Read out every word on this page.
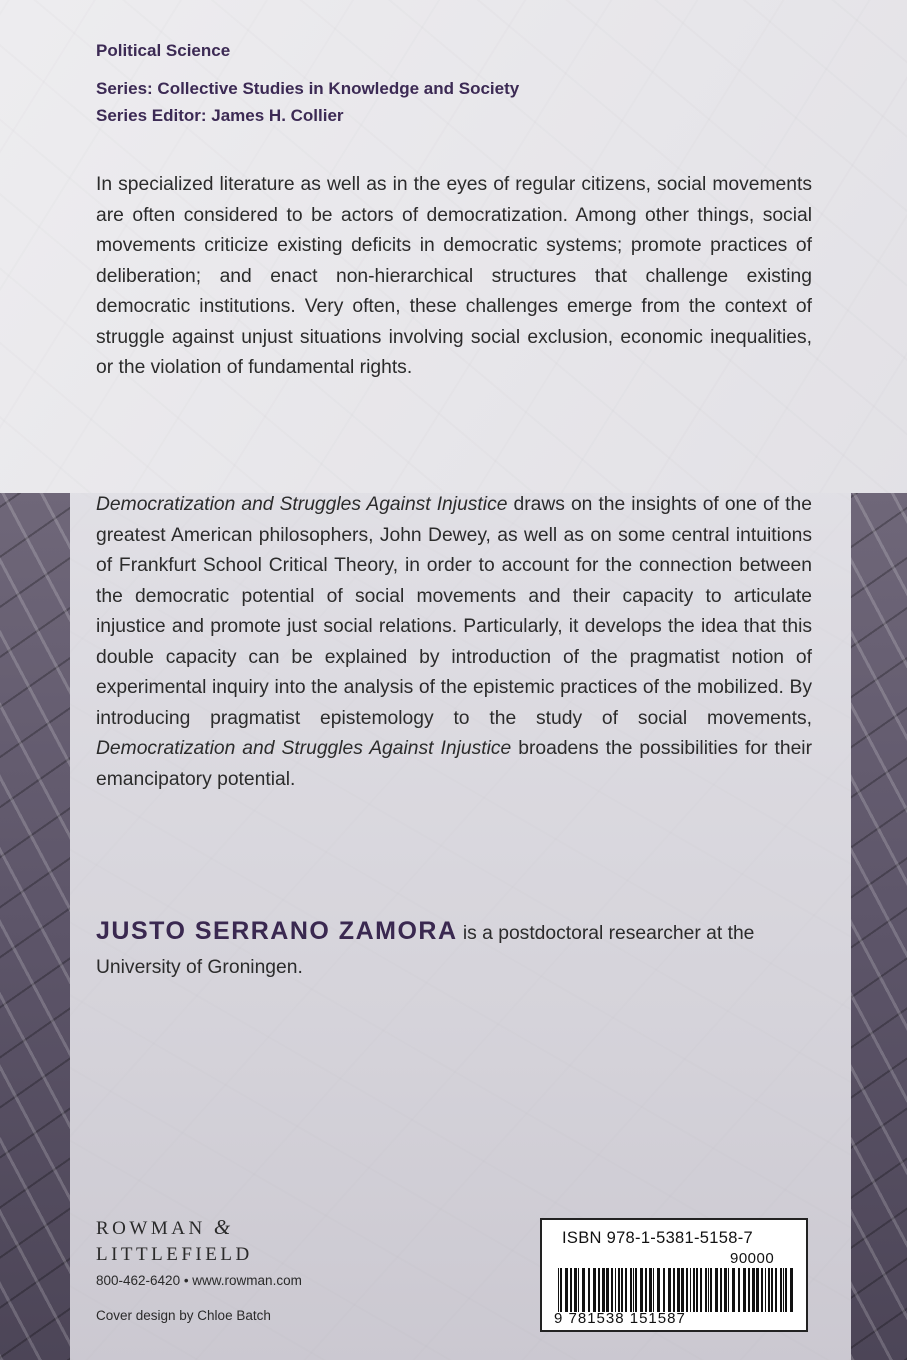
Political Science
Series: Collective Studies in Knowledge and Society
Series Editor: James H. Collier

In specialized literature as well as in the eyes of regular citizens, social movements are often considered to be actors of democratization. Among other things, social movements criticize existing deficits in democratic systems; promote practices of deliberation; and enact non-hierarchical structures that challenge existing democratic institutions. Very often, these challenges emerge from the context of struggle against unjust situations involving social exclusion, economic inequalities, or the violation of fundamental rights.

Democratization and Struggles Against Injustice draws on the insights of one of the greatest American philosophers, John Dewey, as well as on some central intuitions of Frankfurt School Critical Theory, in order to account for the connection between the democratic potential of social movements and their capacity to articulate injustice and promote just social relations. Particularly, it develops the idea that this double capacity can be explained by introduction of the pragmatist notion of experimental inquiry into the analysis of the epistemic practices of the mobilized. By introducing pragmatist epistemology to the study of social movements, Democratization and Struggles Against Injustice broadens the possibilities for their emancipatory potential.

JUSTO SERRANO ZAMORA is a postdoctoral researcher at the University of Groningen.
ROWMAN &
LITTLEFIELD
800-462-6420 • www.rowman.com
Cover design by Chloe Batch
ISBN 978-1-5381-5158-7
90000
9 781538 151587
